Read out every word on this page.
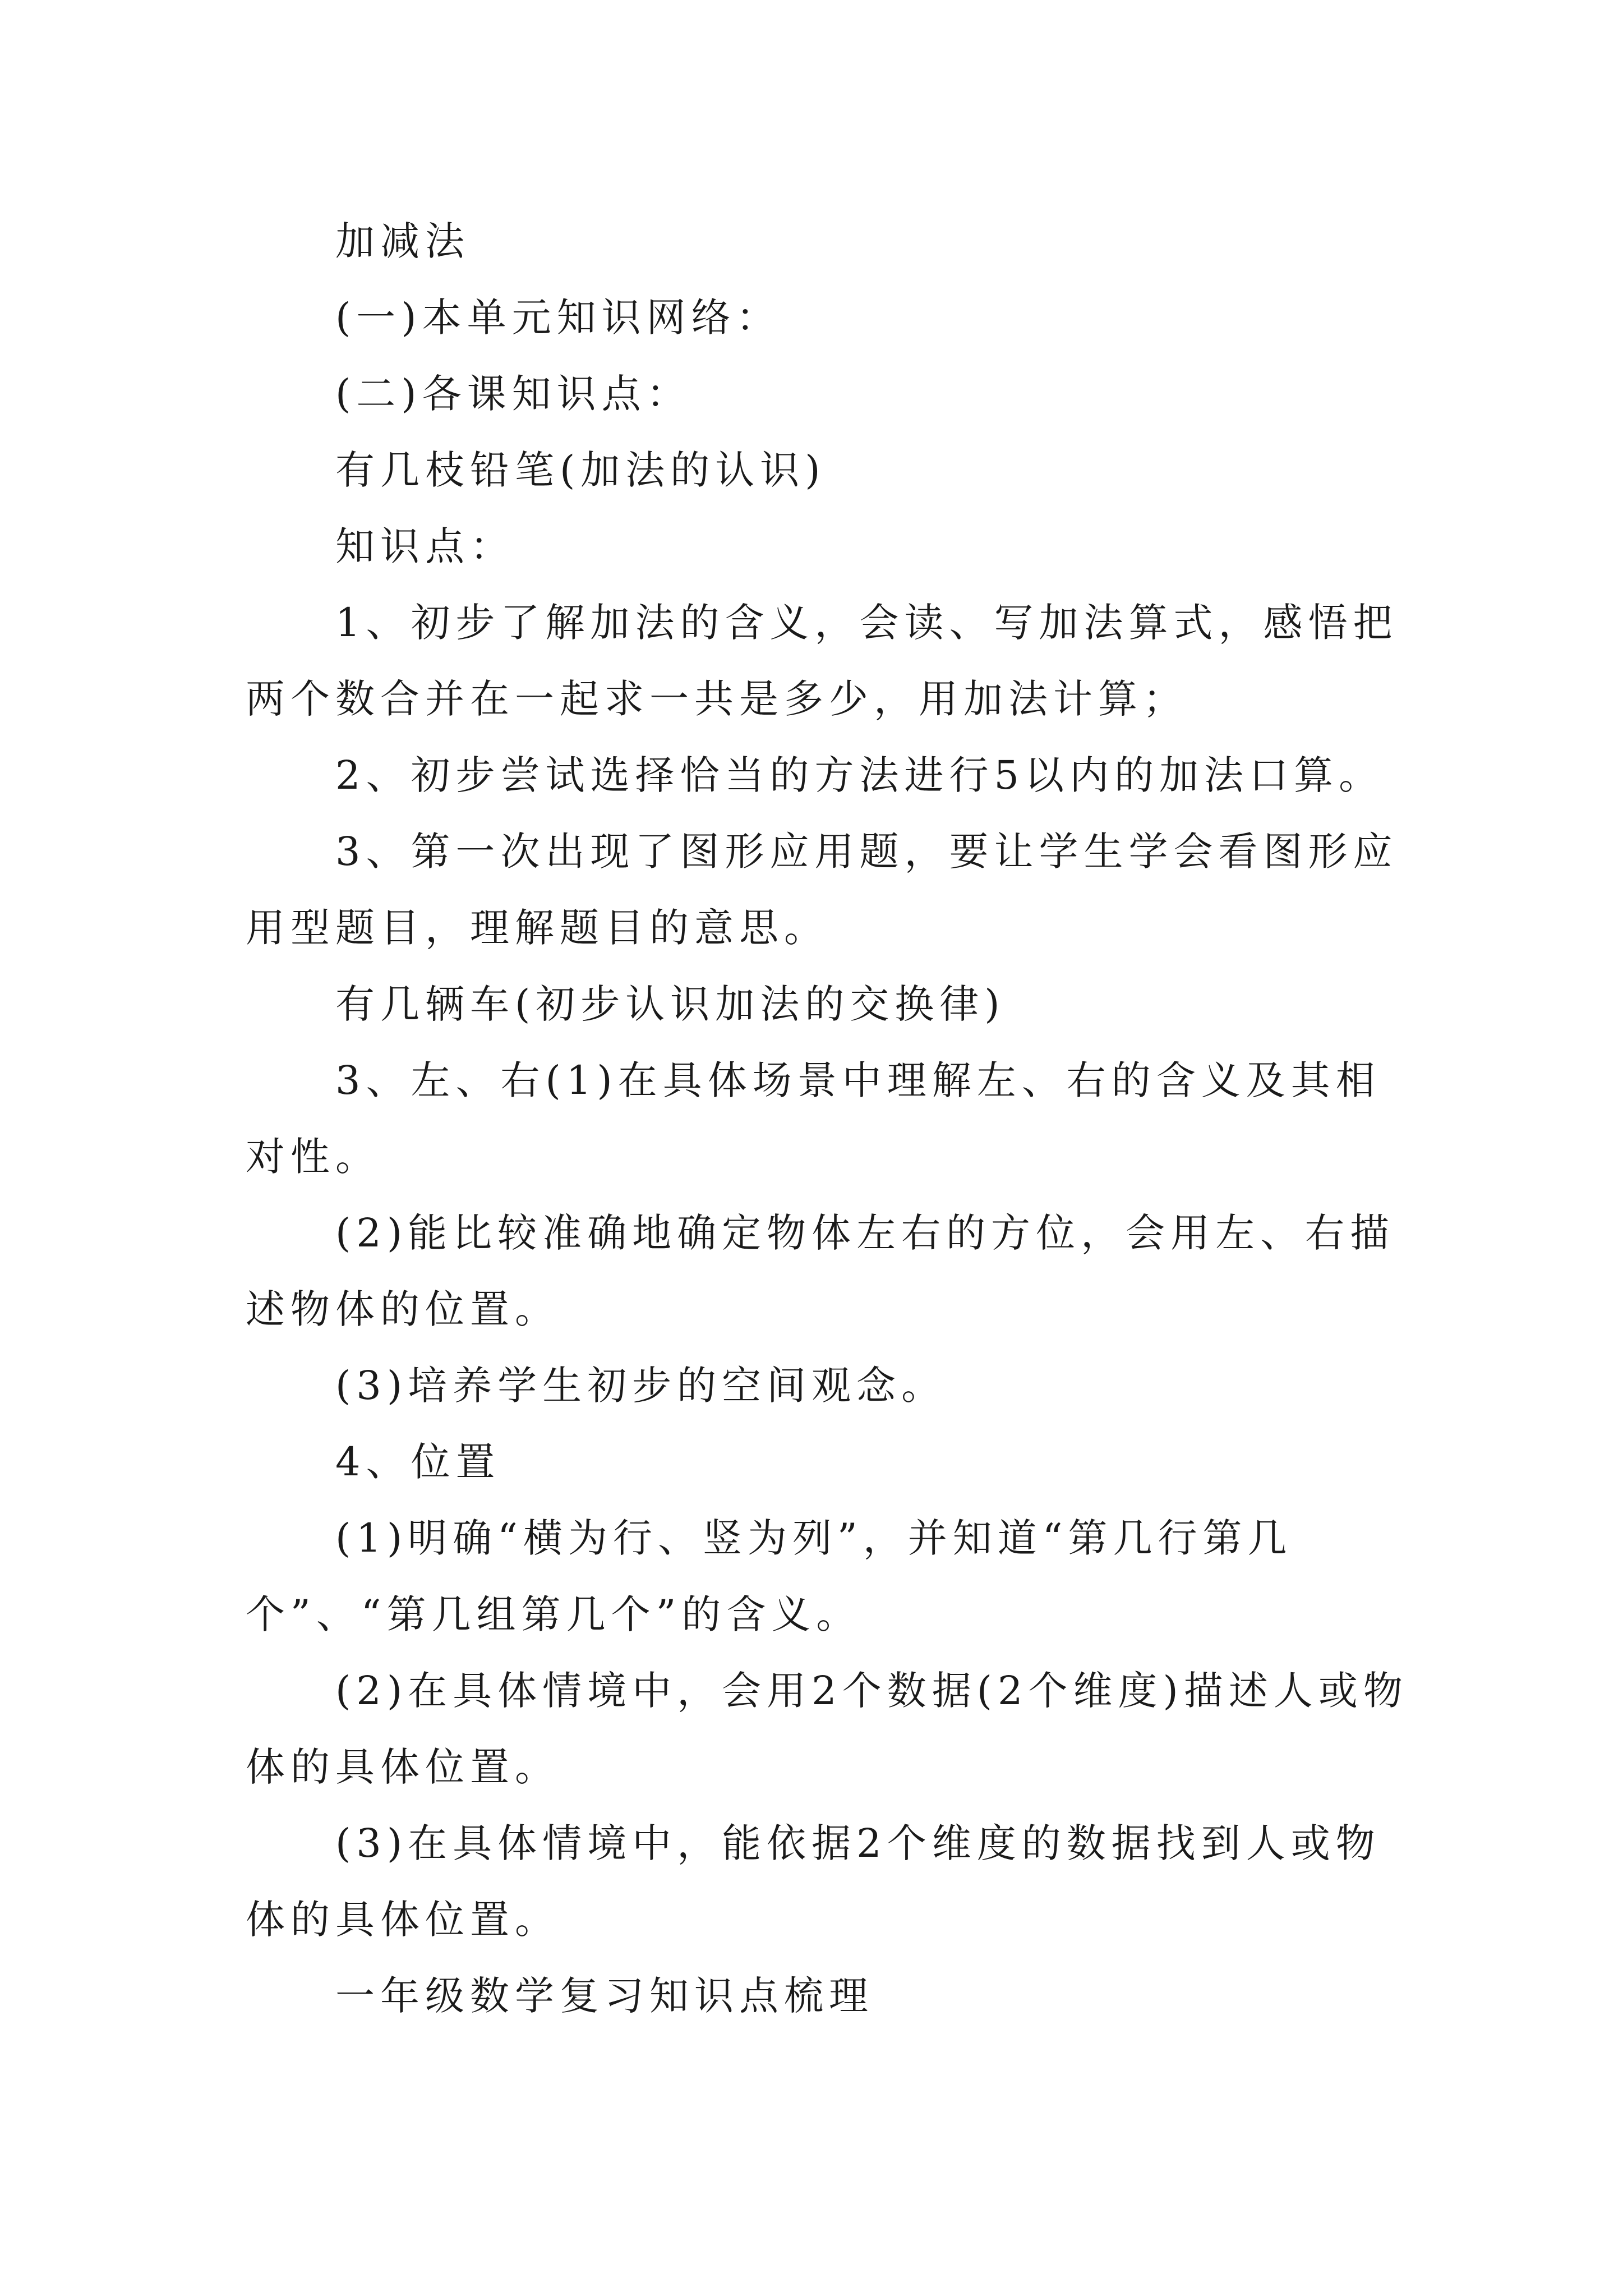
加减法

(一)本单元知识网络：

(二)各课知识点：

有几枝铅笔(加法的认识)

知识点：

1、初步了解加法的含义，会读、写加法算式，感悟把两个数合并在一起求一共是多少，用加法计算；

2、初步尝试选择恰当的方法进行5以内的加法口算。

3、第一次出现了图形应用题，要让学生学会看图形应用型题目，理解题目的意思。

有几辆车(初步认识加法的交换律)

3、左、右(1)在具体场景中理解左、右的含义及其相对性。

(2)能比较准确地确定物体左右的方位，会用左、右描述物体的位置。

(3)培养学生初步的空间观念。

4、位置

(1)明确“横为行、竖为列”，并知道“第几行第几个”、“第几组第几个”的含义。

(2)在具体情境中，会用2个数据(2个维度)描述人或物体的具体位置。

(3)在具体情境中，能依据2个维度的数据找到人或物体的具体位置。

一年级数学复习知识点梳理
